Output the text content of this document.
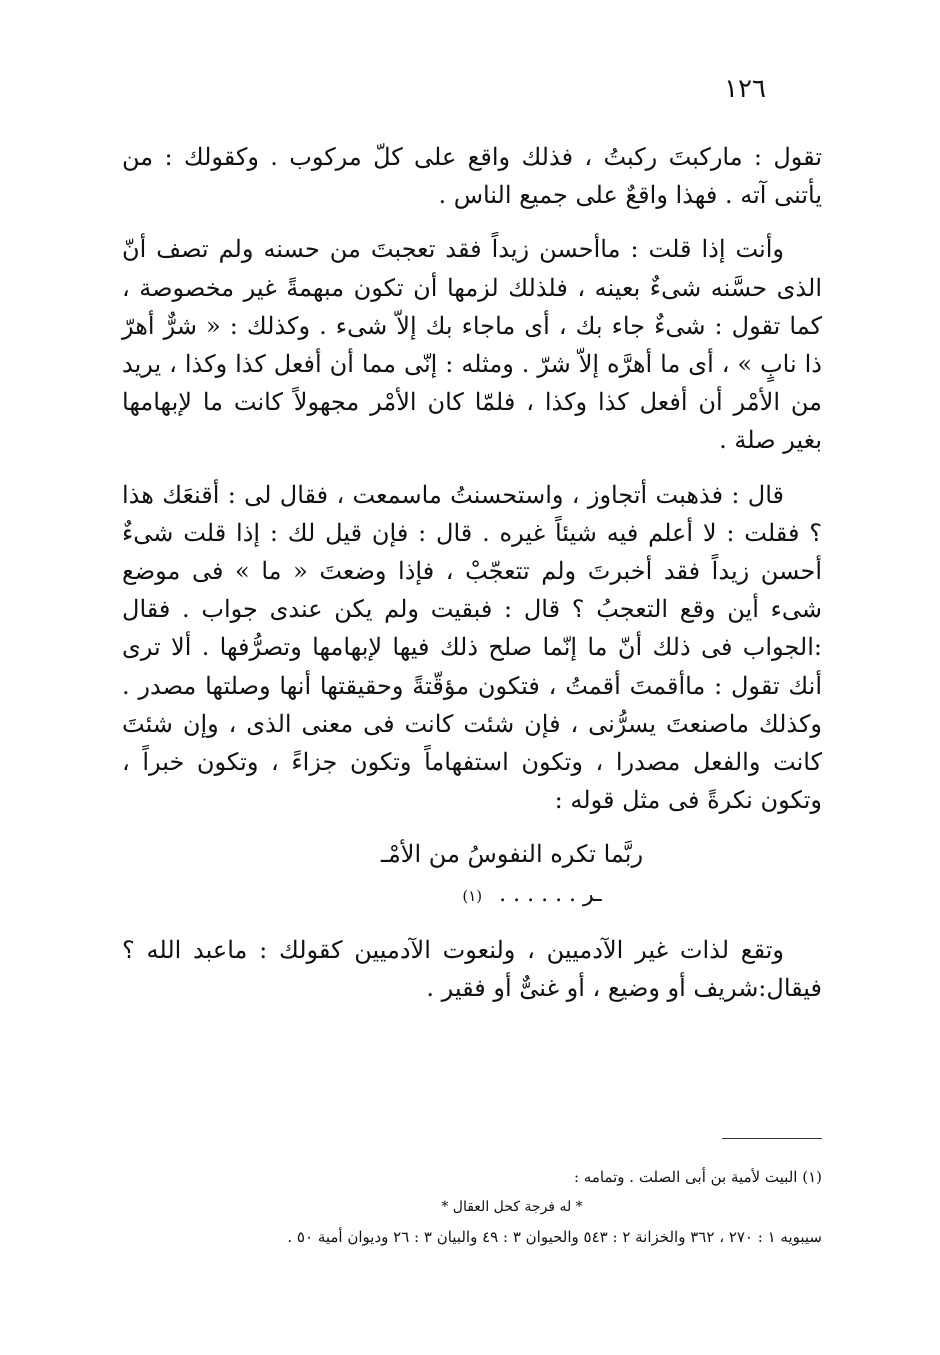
١٢٦

تقول : ماركبتَ ركبتُ ، فذلك واقع على كلّ مركوب . وكقولك : من يأتنى آته . فهذا واقعٌ على جميع الناس .

وأنت إذا قلت : ماأحسن زيداً فقد تعجبتَ من حسنه ولم تصف أنّ الذى حسَّنه شىءٌ بعينه ، فلذلك لزمها أن تكون مبهمةً غير مخصوصة ، كما تقول : شىءٌ جاء بك ، أى ماجاء بك إلاّ شىء . وكذلك : « شرٌّ أهرّ ذا نابٍ » ، أى ما أهرَّه إلاّ شرّ . ومثله : إنّى مما أن أفعل كذا وكذا ، يريد من الأمْر أن أفعل كذا وكذا ، فلمّا كان الأمْر مجهولاً كانت ما لإبهامها بغير صلة .

قال : فذهبت أتجاوز ، واستحسنتُ ماسمعت ، فقال لى : أقنعَك هذا ؟ فقلت : لا أعلم فيه شيئاً غيره . قال : فإن قيل لك : إذا قلت شىءٌ أحسن زيداً فقد أخبرتَ ولم تتعجّبْ ، فإذا وضعتَ « ما » فى موضع شىء أين وقع التعجبُ ؟ قال : فبقيت ولم يكن عندى جواب . فقال :الجواب فى ذلك أنّ ما إنّما صلح ذلك فيها لإبهامها وتصرُّفها . ألا ترى أنك تقول : ماأقمتَ أقمتُ ، فتكون مؤقّتةً وحقيقتها أنها وصلتها مصدر . وكذلك ماصنعتَ يسرُّنى ، فإن شئت كانت فى معنى الذى ، وإن شئتَ كانت والفعل مصدرا ، وتكون استفهاماً وتكون جزاءً ، وتكون خبراً ، وتكون نكرةً فى مثل قوله :

ربَّما تكره النفوسُ من الأمْـ
ـر . . . . . . (١)

وتقع لذات غير الآدميين ، ولنعوت الآدميين كقولك : ماعبد الله ؟ فيقال:شريف أو وضيع ، أو غنىٌّ أو فقير .

(١) البيت لأمية بن أبى الصلت . وتمامه :

* له فرجة كحل العقال *

سيبويه ١ : ٢٧٠ ، ٣٦٢ والخزانة ٢ : ٥٤٣ والحيوان ٣ : ٤٩ والبيان ٣ : ٢٦ وديوان أمية ٥٠ .
